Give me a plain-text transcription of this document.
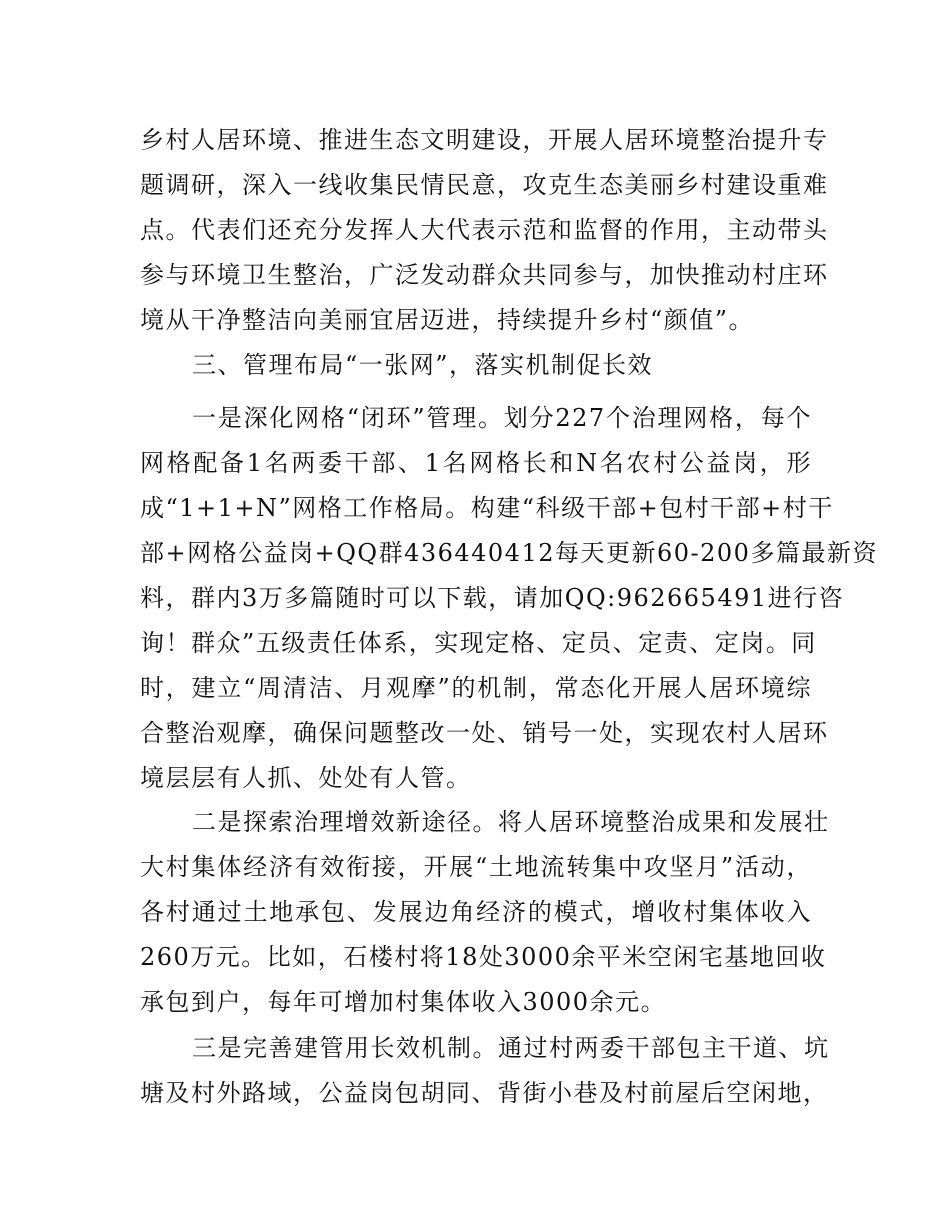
乡村人居环境、推进生态文明建设，开展人居环境整治提升专
题调研，深入一线收集民情民意，攻克生态美丽乡村建设重难
点。代表们还充分发挥人大代表示范和监督的作用，主动带头
参与环境卫生整治，广泛发动群众共同参与，加快推动村庄环
境从干净整洁向美丽宜居迈进，持续提升乡村“颜值”。
三、管理布局“一张网”，落实机制促长效
一是深化网格“闭环”管理。划分227个治理网格，每个
网格配备1名两委干部、1名网格长和N名农村公益岗，形
成“1+1+N”网格工作格局。构建“科级干部+包村干部+村干
部+网格公益岗+QQ群436440412每天更新60-200多篇最新资
料，群内3万多篇随时可以下载，请加QQ:962665491进行咨
询！群众”五级责任体系，实现定格、定员、定责、定岗。同
时，建立“周清洁、月观摩”的机制，常态化开展人居环境综
合整治观摩，确保问题整改一处、销号一处，实现农村人居环
境层层有人抓、处处有人管。
二是探索治理增效新途径。将人居环境整治成果和发展壮
大村集体经济有效衔接，开展“土地流转集中攻坚月”活动，
各村通过土地承包、发展边角经济的模式，增收村集体收入
260万元。比如，石楼村将18处3000余平米空闲宅基地回收
承包到户，每年可增加村集体收入3000余元。
三是完善建管用长效机制。通过村两委干部包主干道、坑
塘及村外路域，公益岗包胡同、背街小巷及村前屋后空闲地，
